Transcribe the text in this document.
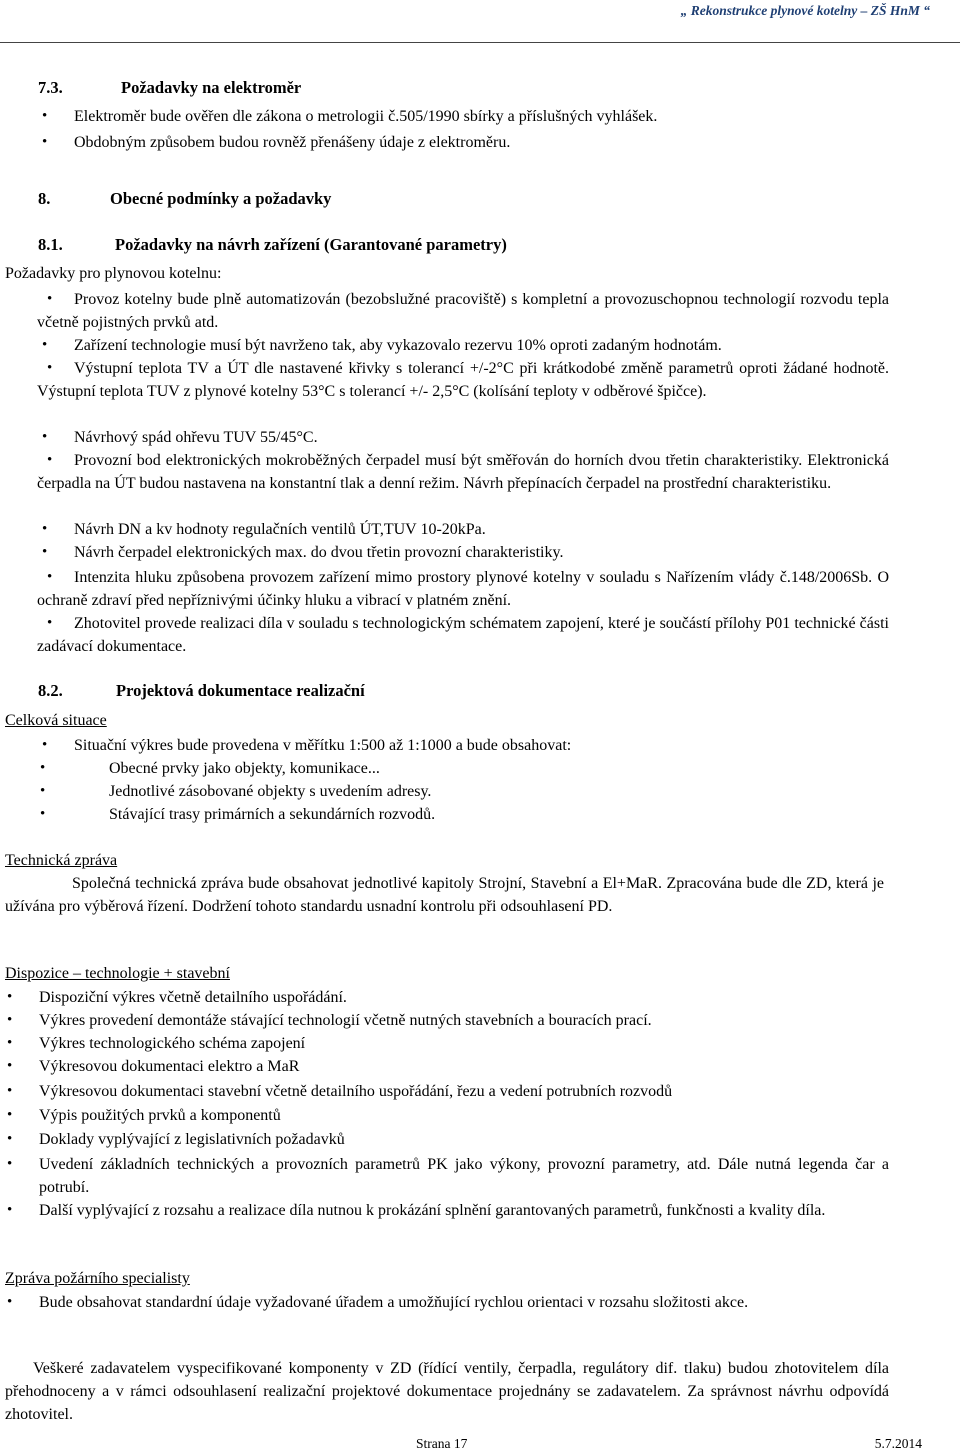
„ Rekonstrukce plynové kotelny – ZŠ HnM “
7.3.	Požadavky na elektroměr
• Elektroměr bude ověřen dle zákona o metrologii č.505/1990 sbírky a příslušných vyhlášek.
• Obdobným způsobem budou rovněž přenášeny údaje z elektroměru.
8.	Obecné podmínky a požadavky
8.1.	Požadavky na návrh zařízení (Garantované parametry)
Požadavky pro plynovou kotelnu:
• Provoz kotelny bude plně automatizován (bezobslužné pracoviště) s kompletní a provozuschopnou technologií rozvodu tepla včetně pojistných prvků atd.
• Zařízení technologie musí být navrženo tak, aby vykazovalo rezervu 10% oproti zadaným hodnotám.
• Výstupní teplota TV a ÚT dle nastavené křivky s tolerancí +/-2°C při krátkodobé změně parametrů oproti žádané hodnotě. Výstupní teplota TUV z plynové kotelny 53°C s tolerancí +/- 2,5°C (kolísání teploty v odběrové špičce).
• Návrhový spád ohřevu TUV 55/45°C.
• Provozní bod elektronických mokroběžných čerpadel musí být směřován do horních dvou třetin charakteristiky. Elektronická čerpadla na ÚT budou nastavena na konstantní tlak a denní režim. Návrh přepínacích čerpadel na prostřední charakteristiku.
• Návrh DN a kv hodnoty regulačních ventilů ÚT,TUV 10-20kPa.
• Návrh čerpadel elektronických max. do dvou třetin provozní charakteristiky.
• Intenzita hluku způsobena provozem zařízení mimo prostory plynové kotelny v souladu s Nařízením vlády č.148/2006Sb. O ochraně zdraví před nepříznivými účinky hluku a vibrací v platném znění.
• Zhotovitel provede realizaci díla v souladu s technologickým schématem zapojení, které je součástí přílohy P01 technické části zadávací dokumentace.
8.2.	Projektová dokumentace realizační
Celková situace
• Situační výkres bude provedena v měřítku 1:500 až 1:1000 a bude obsahovat:
• Obecné prvky jako objekty, komunikace...
• Jednotlivé zásobované objekty s uvedením adresy.
• Stávající trasy primárních a sekundárních rozvodů.
Technická zpráva
Společná technická zpráva bude obsahovat jednotlivé kapitoly Strojní, Stavební a El+MaR. Zpracována bude dle ZD, která je užívána pro výběrová řízení. Dodržení tohoto standardu usnadní kontrolu při odsouhlasení PD.
Dispozice – technologie + stavební
• Dispoziční výkres včetně detailního uspořádání.
• Výkres provedení demontáže stávající technologií včetně nutných stavebních a bouracích prací.
• Výkres technologického schéma zapojení
• Výkresovou dokumentaci elektro a MaR
• Výkresovou dokumentaci stavební včetně detailního uspořádání, řezu a vedení potrubních rozvodů
• Výpis použitých prvků a komponentů
• Doklady vyplývající z legislativních požadavků
• Uvedení základních technických a provozních parametrů PK jako výkony, provozní parametry, atd. Dále nutná legenda čar a potrubí.
• Další vyplývající z rozsahu a realizace díla nutnou k prokázání splnění garantovaných parametrů, funkčnosti a kvality díla.
Zpráva požárního specialisty
• Bude obsahovat standardní údaje vyžadované úřadem a umožňující rychlou orientaci v rozsahu složitosti akce.
Veškeré zadavatelem vyspecifikované komponenty v ZD (řídící ventily, čerpadla, regulátory dif. tlaku) budou zhotovitelem díla přehodnoceny a v rámci odsouhlasení realizační projektové dokumentace projednány se zadavatelem. Za správnost návrhu odpovídá zhotovitel.
Strana 17	5.7.2014
